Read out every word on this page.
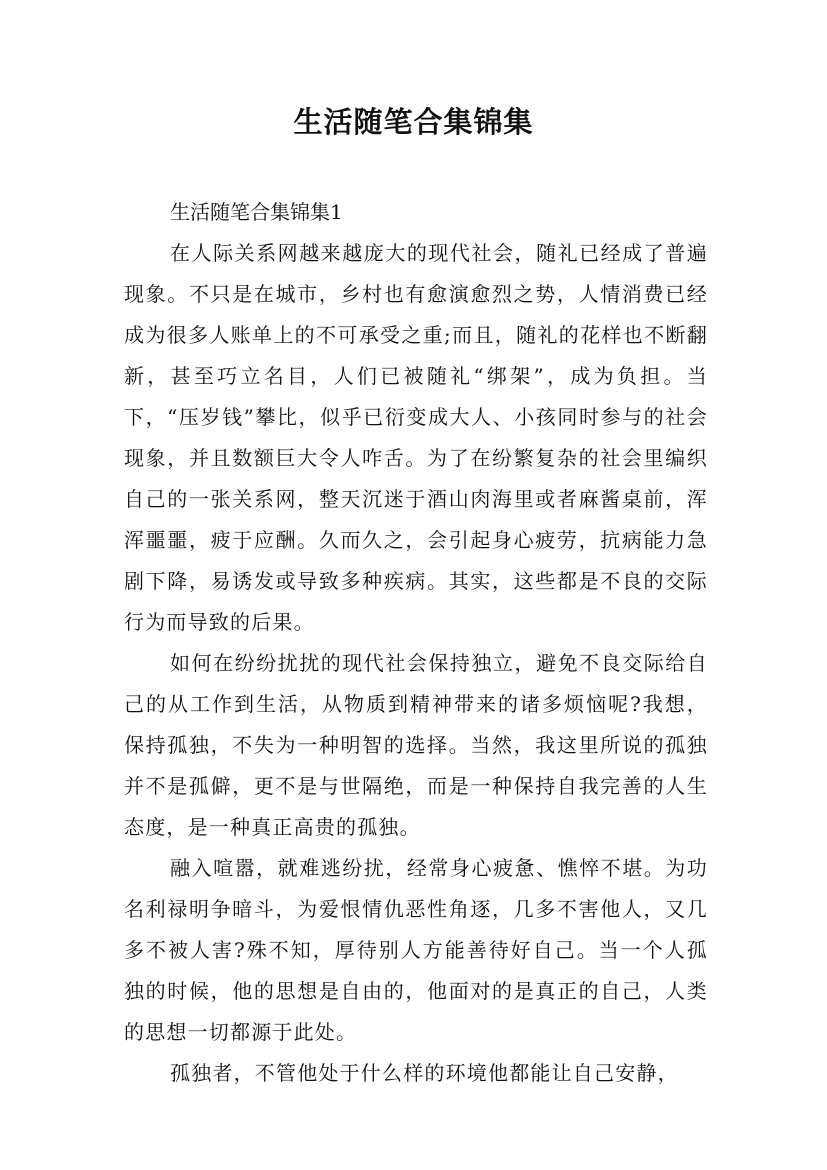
生活随笔合集锦集

生活随笔合集锦集1

在人际关系网越来越庞大的现代社会，随礼已经成了普遍现象。不只是在城市，乡村也有愈演愈烈之势，人情消费已经成为很多人账单上的不可承受之重;而且，随礼的花样也不断翻新，甚至巧立名目，人们已被随礼“绑架”，成为负担。当下，“压岁钱”攀比，似乎已衍变成大人、小孩同时参与的社会现象，并且数额巨大令人咋舌。为了在纷繁复杂的社会里编织自己的一张关系网，整天沉迷于酒山肉海里或者麻酱桌前，浑浑噩噩，疲于应酬。久而久之，会引起身心疲劳，抗病能力急剧下降，易诱发或导致多种疾病。其实，这些都是不良的交际行为而导致的后果。

如何在纷纷扰扰的现代社会保持独立，避免不良交际给自己的从工作到生活，从物质到精神带来的诸多烦恼呢?我想，保持孤独，不失为一种明智的选择。当然，我这里所说的孤独并不是孤僻，更不是与世隔绝，而是一种保持自我完善的人生态度，是一种真正高贵的孤独。

融入喧嚣，就难逃纷扰，经常身心疲惫、憔悴不堪。为功名利禄明争暗斗，为爱恨情仇恶性角逐，几多不害他人，又几多不被人害?殊不知，厚待别人方能善待好自己。当一个人孤独的时候，他的思想是自由的，他面对的是真正的自己，人类的思想一切都源于此处。

孤独者，不管他处于什么样的环境他都能让自己安静，
